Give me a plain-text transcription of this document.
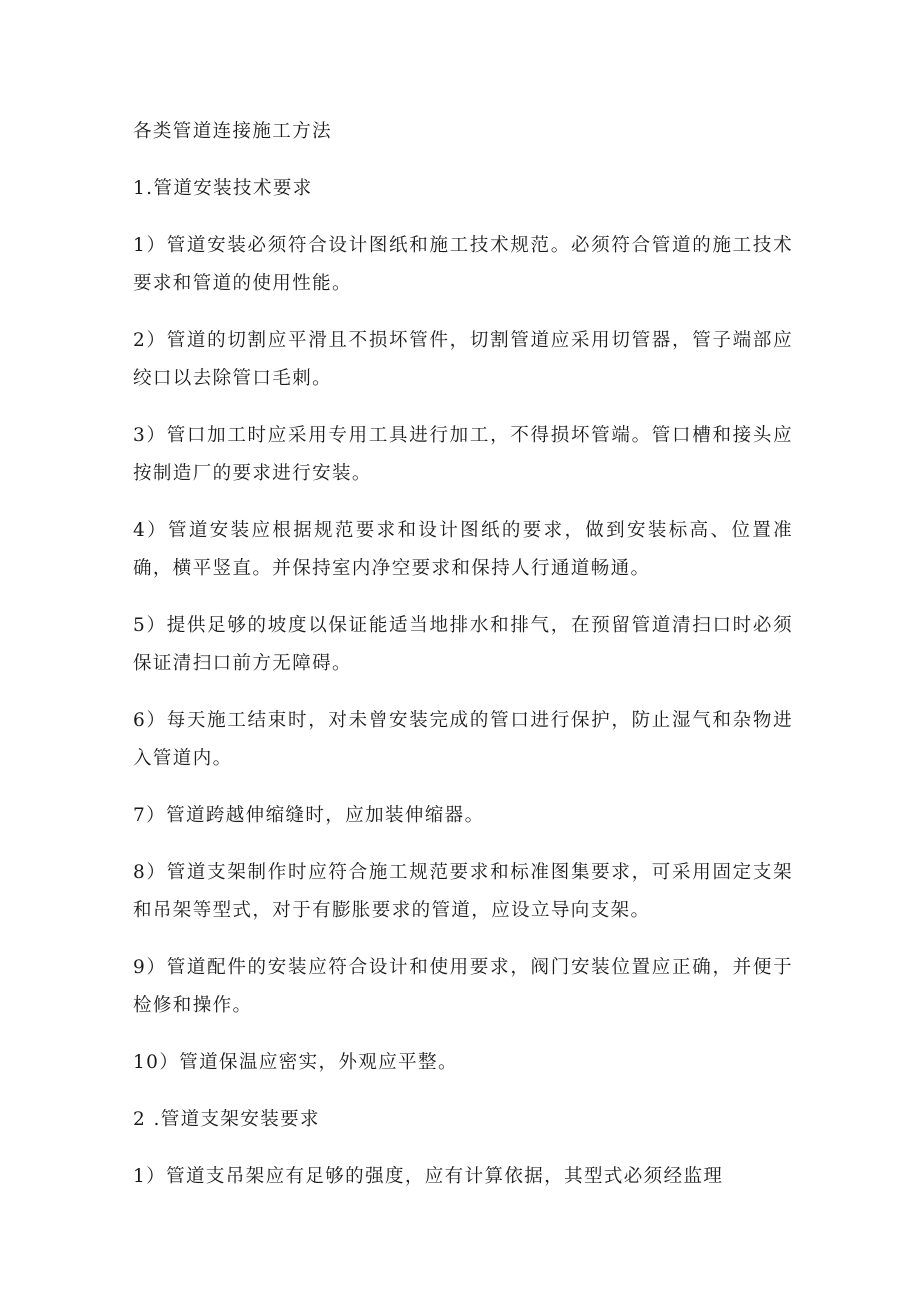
各类管道连接施工方法
1.管道安装技术要求
1）管道安装必须符合设计图纸和施工技术规范。必须符合管道的施工技术要求和管道的使用性能。
2）管道的切割应平滑且不损坏管件，切割管道应采用切管器，管子端部应绞口以去除管口毛刺。
3）管口加工时应采用专用工具进行加工，不得损坏管端。管口槽和接头应按制造厂的要求进行安装。
4）管道安装应根据规范要求和设计图纸的要求，做到安装标高、位置准确，横平竖直。并保持室内净空要求和保持人行通道畅通。
5）提供足够的坡度以保证能适当地排水和排气，在预留管道清扫口时必须保证清扫口前方无障碍。
6）每天施工结束时，对未曾安装完成的管口进行保护，防止湿气和杂物进入管道内。
7）管道跨越伸缩缝时，应加装伸缩器。
8）管道支架制作时应符合施工规范要求和标准图集要求，可采用固定支架和吊架等型式，对于有膨胀要求的管道，应设立导向支架。
9）管道配件的安装应符合设计和使用要求，阀门安装位置应正确，并便于检修和操作。
10）管道保温应密实，外观应平整。
2 .管道支架安装要求
1）管道支吊架应有足够的强度，应有计算依据，其型式必须经监理
